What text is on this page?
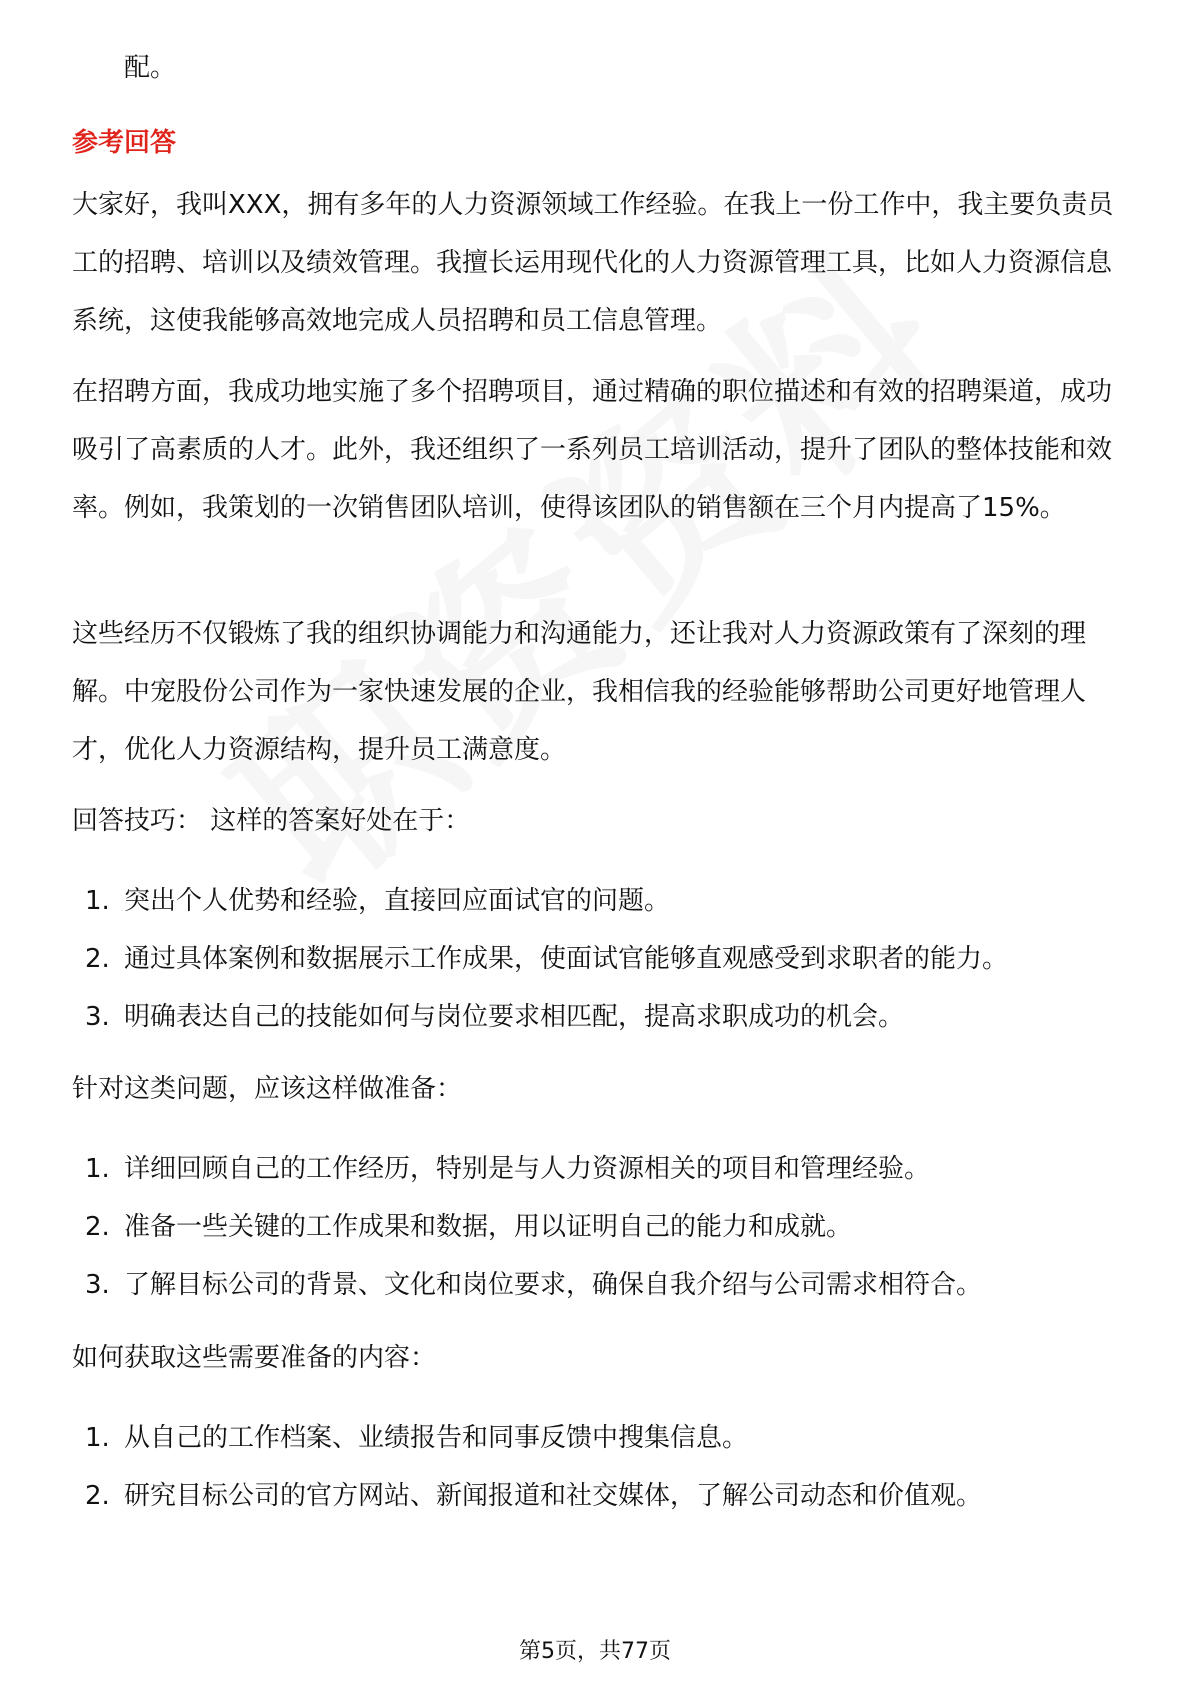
配。
参考回答

大家好，我叫XXX，拥有多年的人力资源领域工作经验。在我上一份工作中，我主要负责员工的招聘、培训以及绩效管理。我擅长运用现代化的人力资源管理工具，比如人力资源信息系统，这使我能够高效地完成人员招聘和员工信息管理。

在招聘方面，我成功地实施了多个招聘项目，通过精确的职位描述和有效的招聘渠道，成功吸引了高素质的人才。此外，我还组织了一系列员工培训活动，提升了团队的整体技能和效率。例如，我策划的一次销售团队培训，使得该团队的销售额在三个月内提高了15%。

这些经历不仅锻炼了我的组织协调能力和沟通能力，还让我对人力资源政策有了深刻的理解。中宠股份公司作为一家快速发展的企业，我相信我的经验能够帮助公司更好地管理人才，优化人力资源结构，提升员工满意度。

回答技巧： 这样的答案好处在于：

1. 突出个人优势和经验，直接回应面试官的问题。
2. 通过具体案例和数据展示工作成果，使面试官能够直观感受到求职者的能力。
3. 明确表达自己的技能如何与岗位要求相匹配，提高求职成功的机会。

针对这类问题，应该这样做准备：

1. 详细回顾自己的工作经历，特别是与人力资源相关的项目和管理经验。
2. 准备一些关键的工作成果和数据，用以证明自己的能力和成就。
3. 了解目标公司的背景、文化和岗位要求，确保自我介绍与公司需求相符合。

如何获取这些需要准备的内容：

1. 从自己的工作档案、业绩报告和同事反馈中搜集信息。
2. 研究目标公司的官方网站、新闻报道和社交媒体，了解公司动态和价值观。
第5页，共77页
